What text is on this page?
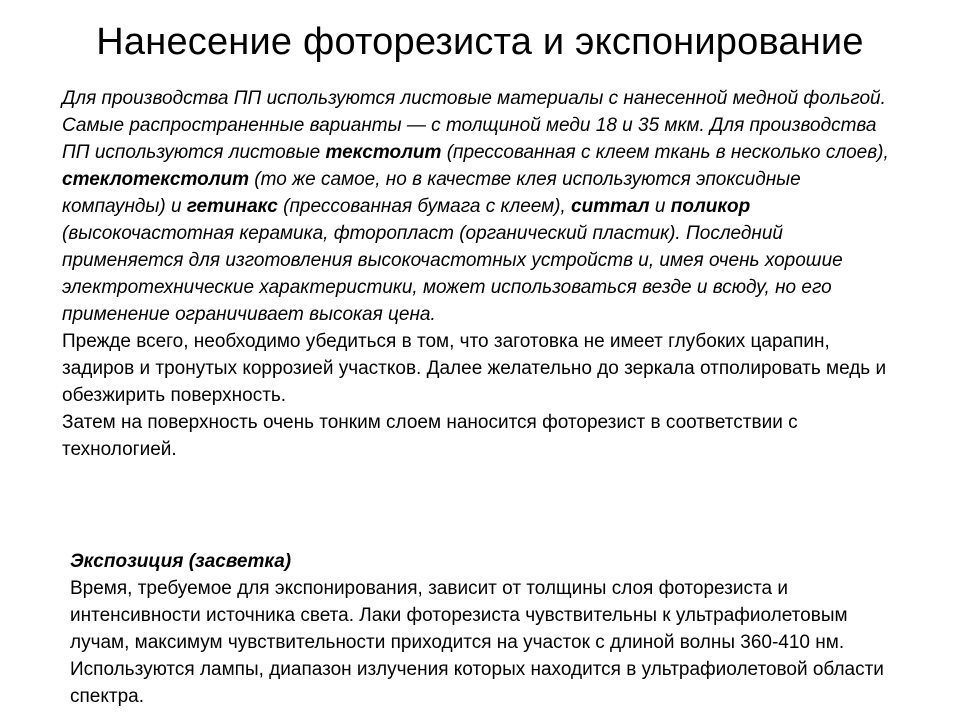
Нанесение фоторезиста и экспонирование

Для производства ПП используются листовые материалы с нанесенной медной фольгой. Самые распространенные варианты — с толщиной меди 18 и 35 мкм. Для производства ПП используются листовые текстолит (прессованная с клеем ткань в несколько слоев), стеклотекстолит (то же самое, но в качестве клея используются эпоксидные компаунды) и гетинакс (прессованная бумага с клеем), ситтал и поликор (высокочастотная керамика, фторопласт (органический пластик). Последний применяется для изготовления высокочастотных устройств и, имея очень хорошие электротехнические характеристики, может использоваться везде и всюду, но его применение ограничивает высокая цена.

Прежде всего, необходимо убедиться в том, что заготовка не имеет глубоких царапин, задиров и тронутых коррозией участков. Далее желательно до зеркала отполировать медь и обезжирить поверхность.

Затем на поверхность очень тонким слоем наносится фоторезист в соответствии с технологией.

Экспозиция (засветка)

Время, требуемое для экспонирования, зависит от толщины слоя фоторезиста и интенсивности источника света. Лаки фоторезиста чувствительны к ультрафиолетовым лучам, максимум чувствительности приходится на участок с длиной волны 360-410 нм. Используются лампы, диапазон излучения которых находится в ультрафиолетовой области спектра.
